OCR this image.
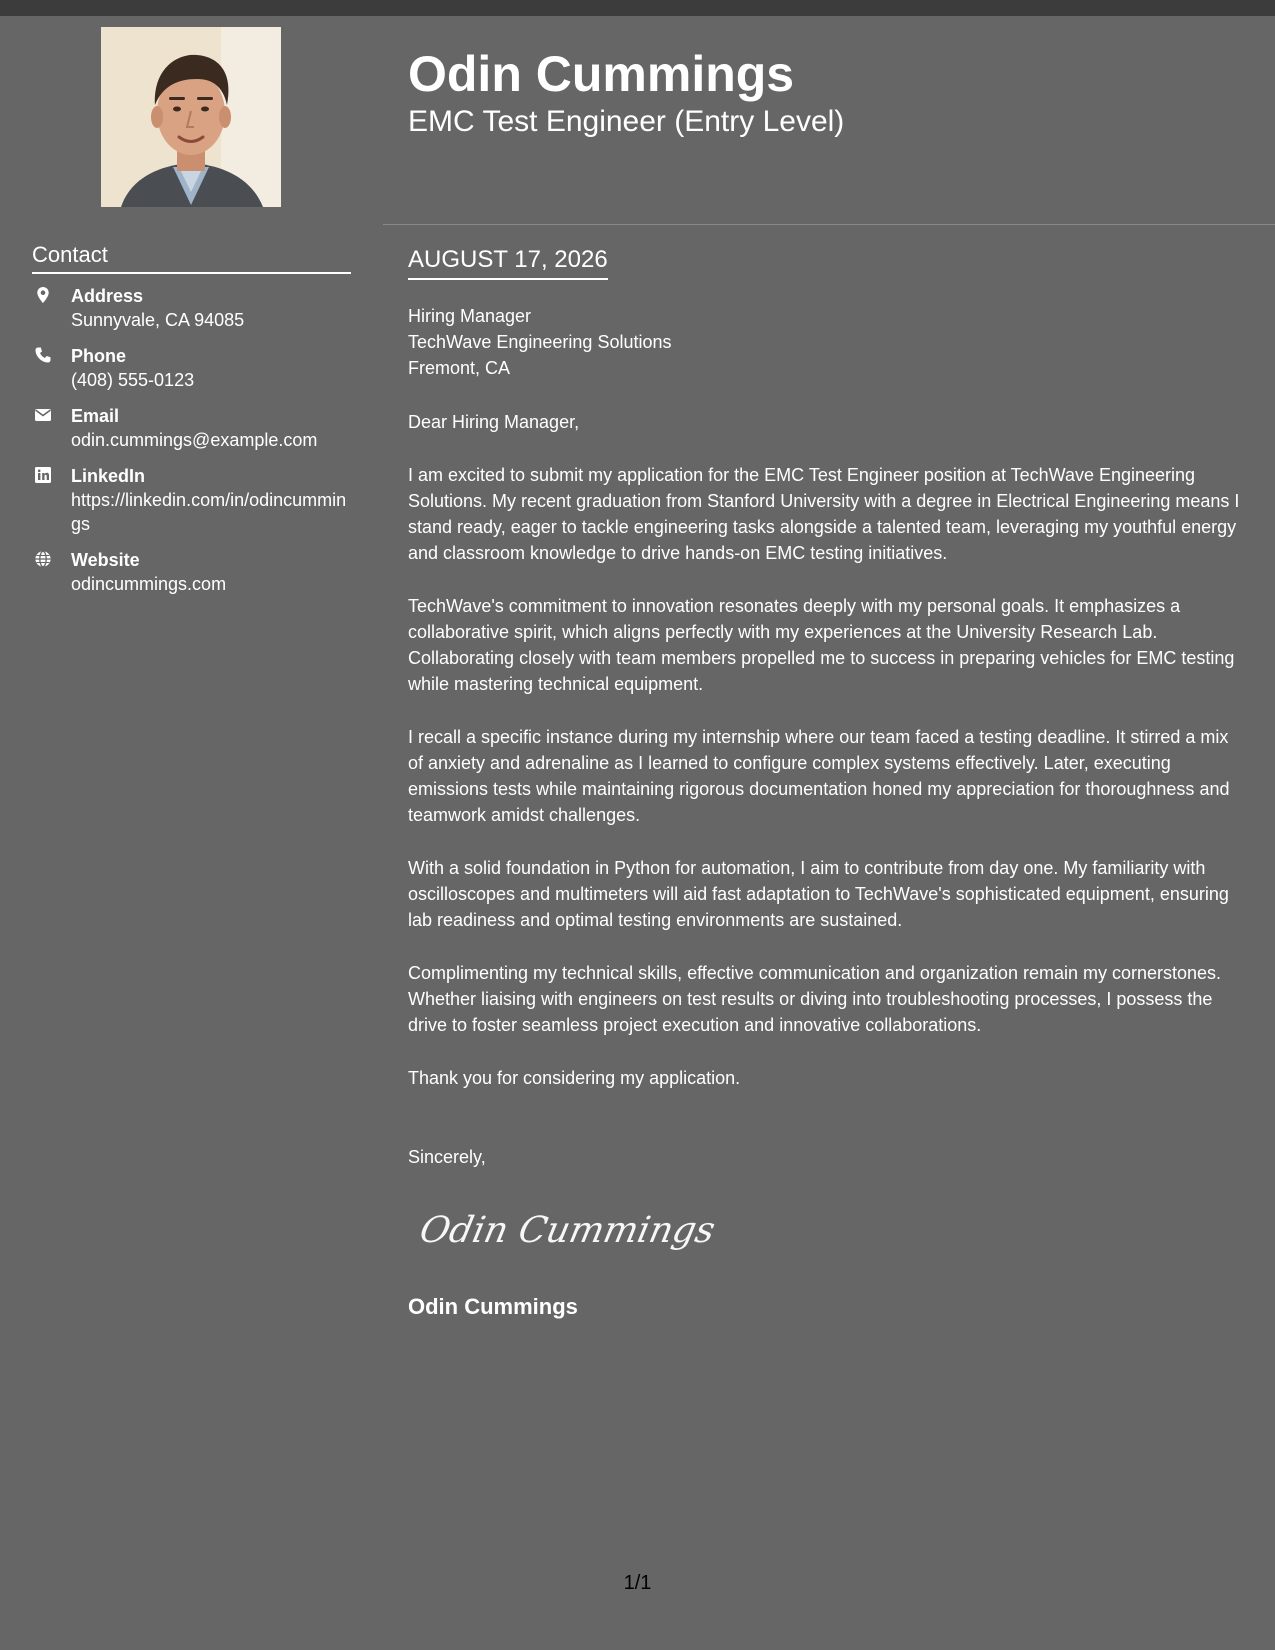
Contact
Address
Sunnyvale, CA 94085
Phone
(408) 555-0123
Email
odin.cummings@example.com
LinkedIn
https://linkedin.com/in/odincummings
Website
odincummings.com
Odin Cummings
EMC Test Engineer (Entry Level)
AUGUST 17, 2026

Hiring Manager

TechWave Engineering Solutions

Fremont, CA

Dear Hiring Manager,

I am excited to submit my application for the EMC Test Engineer position at TechWave Engineering Solutions. My recent graduation from Stanford University with a degree in Electrical Engineering means I stand ready, eager to tackle engineering tasks alongside a talented team, leveraging my youthful energy and classroom knowledge to drive hands-on EMC testing initiatives.

TechWave's commitment to innovation resonates deeply with my personal goals. It emphasizes a collaborative spirit, which aligns perfectly with my experiences at the University Research Lab. Collaborating closely with team members propelled me to success in preparing vehicles for EMC testing while mastering technical equipment.

I recall a specific instance during my internship where our team faced a testing deadline. It stirred a mix of anxiety and adrenaline as I learned to configure complex systems effectively. Later, executing emissions tests while maintaining rigorous documentation honed my appreciation for thoroughness and teamwork amidst challenges.

With a solid foundation in Python for automation, I aim to contribute from day one. My familiarity with oscilloscopes and multimeters will aid fast adaptation to TechWave's sophisticated equipment, ensuring lab readiness and optimal testing environments are sustained.

Complimenting my technical skills, effective communication and organization remain my cornerstones. Whether liaising with engineers on test results or diving into troubleshooting processes, I possess the drive to foster seamless project execution and innovative collaborations.

Thank you for considering my application.

Sincerely,

Odin Cummings
Odin Cummings
1/1
